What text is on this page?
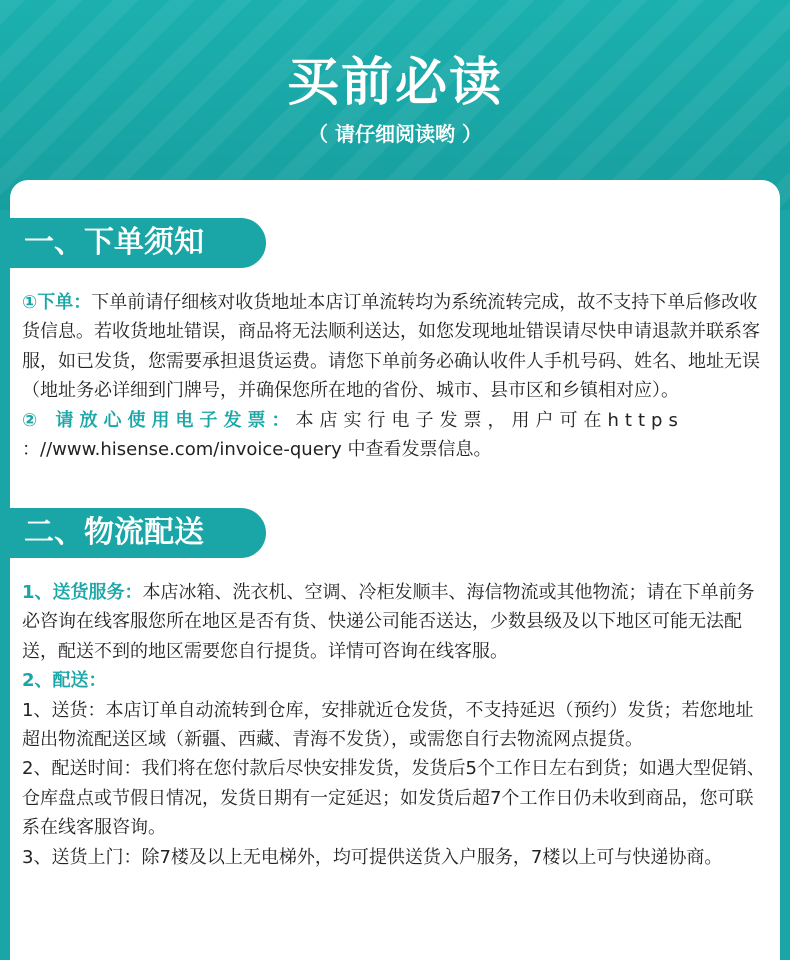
买前必读
（ 请仔细阅读哟 ）
一、下单须知

①下单：下单前请仔细核对收货地址本店订单流转均为系统流转完成，故不支持下单后修改收货信息。若收货地址错误，商品将无法顺利送达，如您发现地址错误请尽快申请退款并联系客服，如已发货，您需要承担退货运费。请您下单前务必确认收件人手机号码、姓名、地址无误（地址务必详细到门牌号，并确保您所在地的省份、城市、县市区和乡镇相对应）。

② 请放心使用电子发票：本店实行电子发票，用户可在https
：//www.hisense.com/invoice-query 中查看发票信息。

二、物流配送

1、送货服务：本店冰箱、洗衣机、空调、冷柜发顺丰、海信物流或其他物流；请在下单前务必咨询在线客服您所在地区是否有货、快递公司能否送达，少数县级及以下地区可能无法配送，配送不到的地区需要您自行提货。详情可咨询在线客服。

2、配送：

1、送货：本店订单自动流转到仓库，安排就近仓发货，不支持延迟（预约）发货；若您地址超出物流配送区域（新疆、西藏、青海不发货），或需您自行去物流网点提货。

2、配送时间：我们将在您付款后尽快安排发货，发货后5个工作日左右到货；如遇大型促销、仓库盘点或节假日情况，发货日期有一定延迟；如发货后超7个工作日仍未收到商品，您可联系在线客服咨询。

3、送货上门：除7楼及以上无电梯外，均可提供送货入户服务，7楼以上可与快递协商。
